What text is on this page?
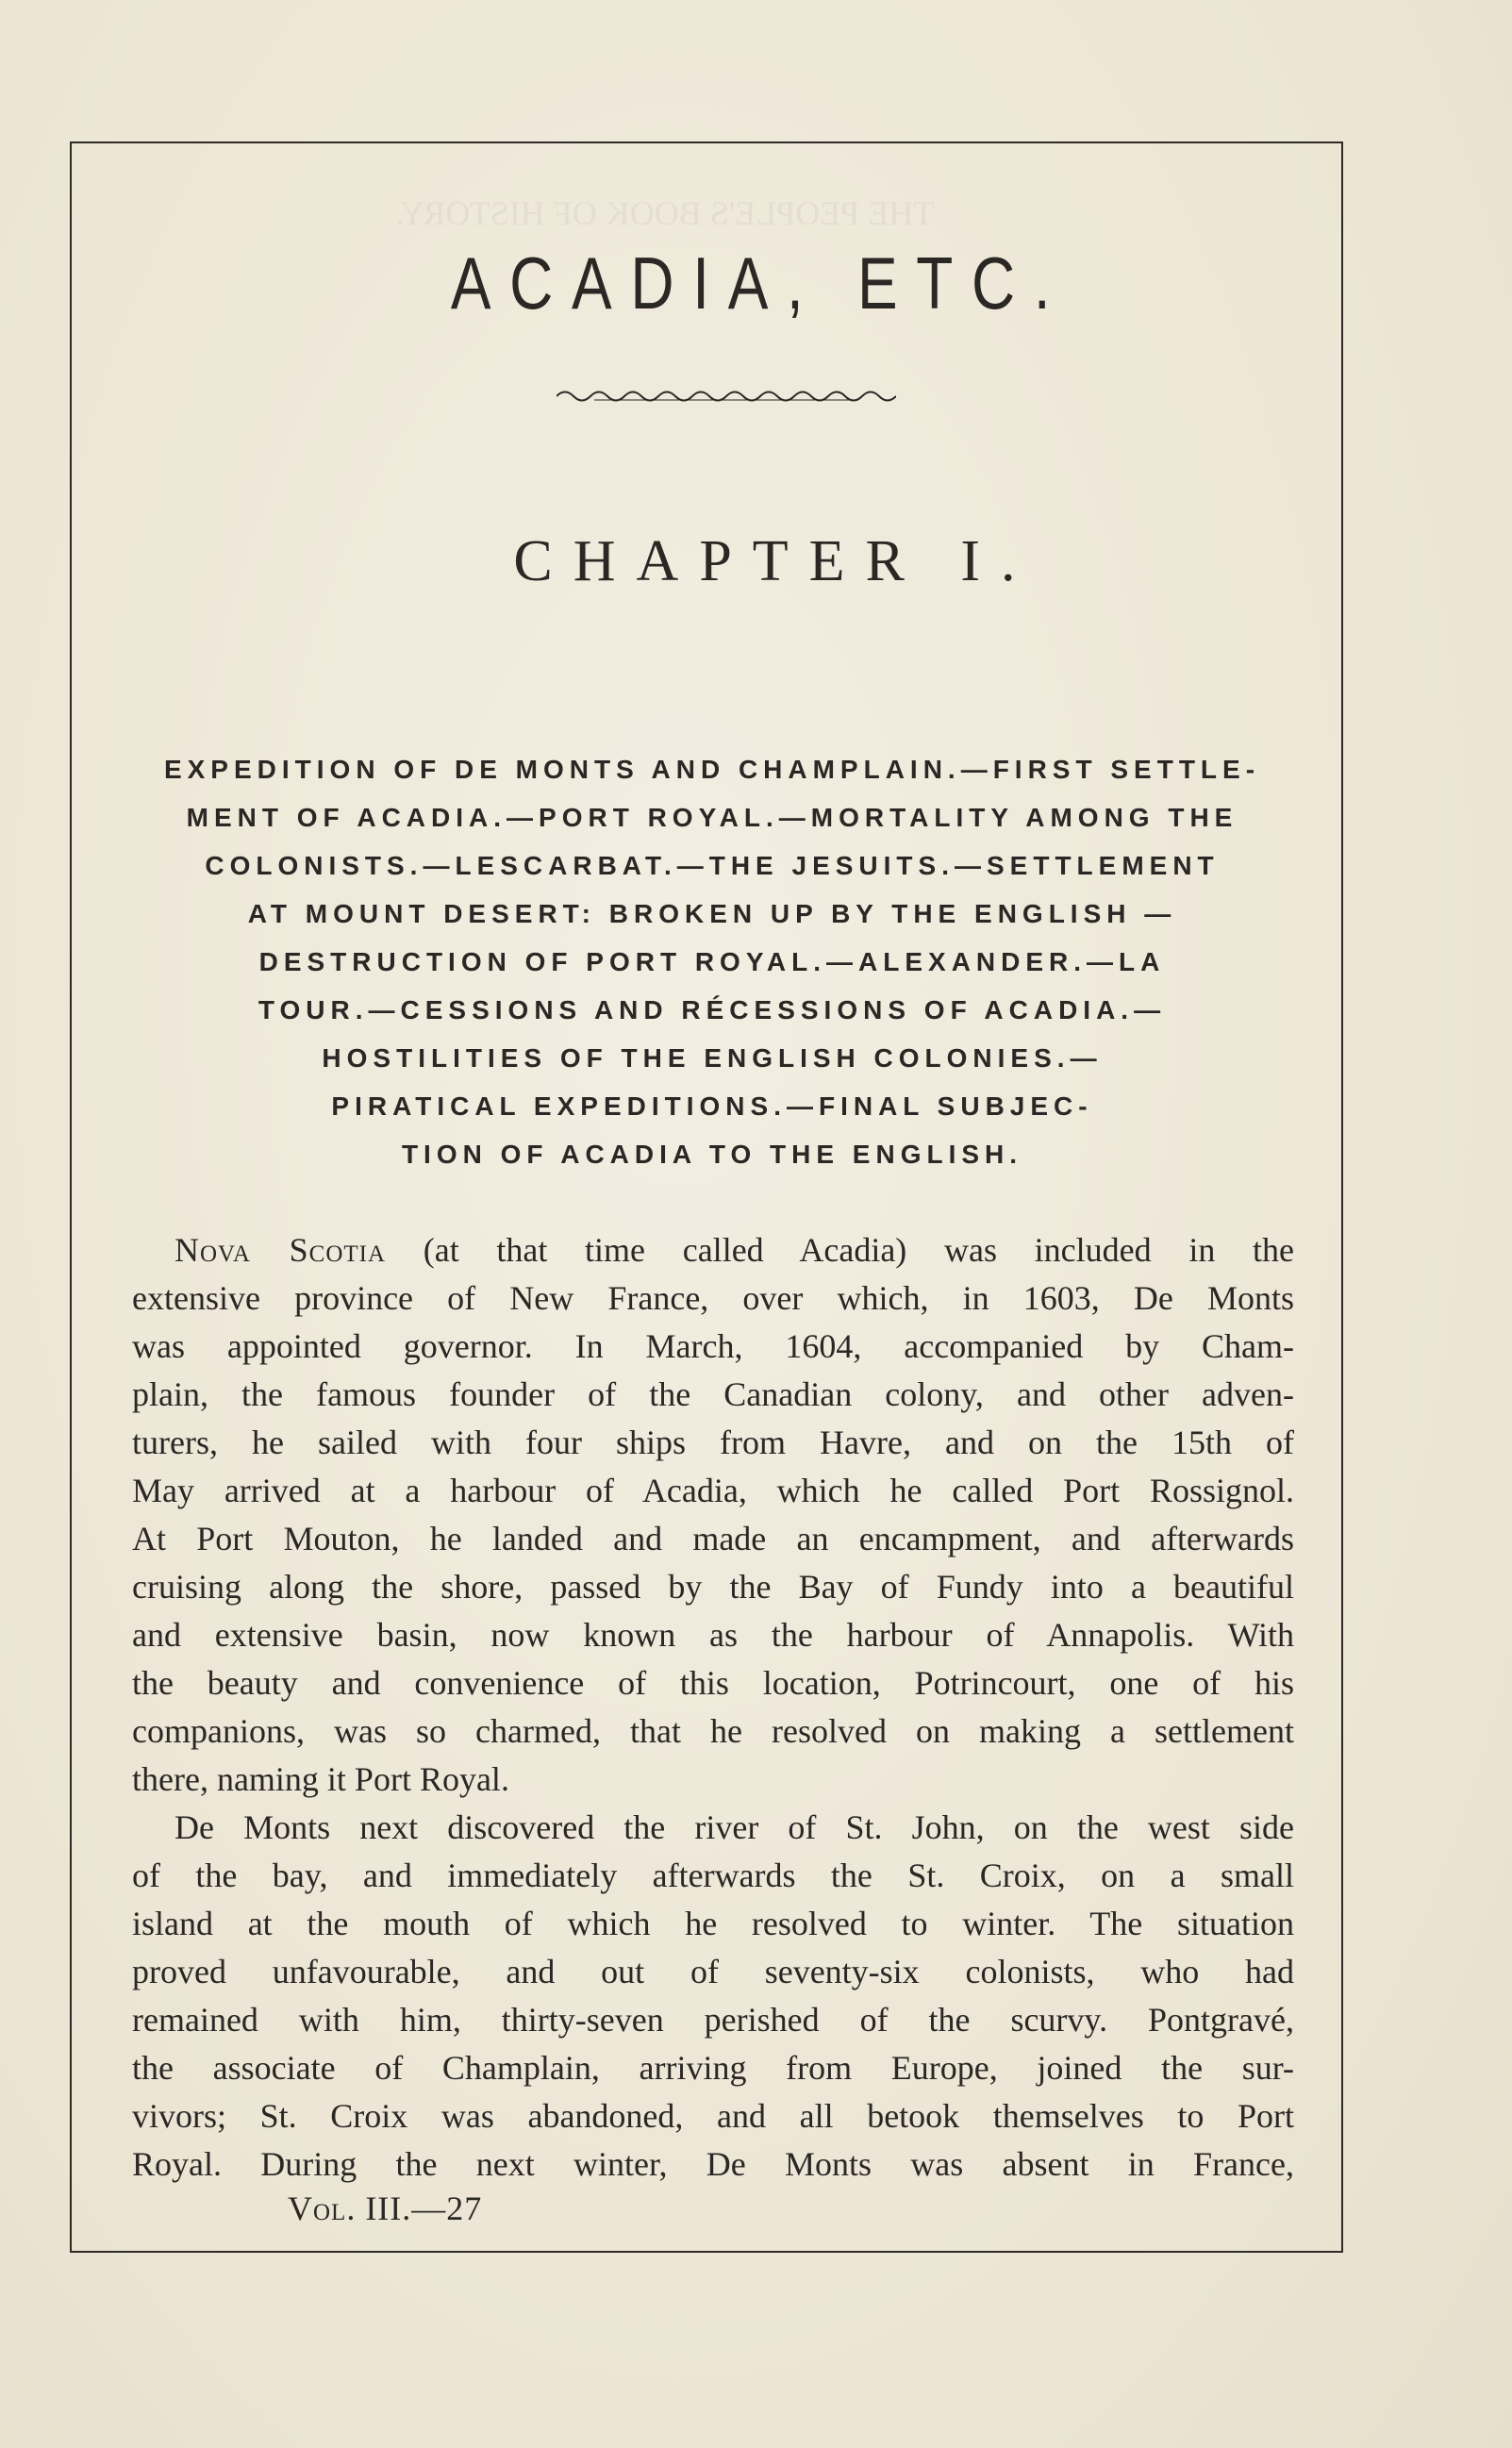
ACADIA, ETC.
CHAPTER I.
EXPEDITION OF DE MONTS AND CHAMPLAIN.—FIRST SETTLE-
MENT OF ACADIA.—PORT ROYAL.—MORTALITY AMONG THE
COLONISTS.—LESCARBAT.—THE JESUITS.—SETTLEMENT
AT MOUNT DESERT: BROKEN UP BY THE ENGLISH —
DESTRUCTION OF PORT ROYAL.—ALEXANDER.—LA
TOUR.—CESSIONS AND RÉCESSIONS OF ACADIA.—
HOSTILITIES OF THE ENGLISH COLONIES.—
PIRATICAL EXPEDITIONS.—FINAL SUBJEC-
TION OF ACADIA TO THE ENGLISH.
Nova Scotia (at that time called Acadia) was included in the
extensive province of New France, over which, in 1603, De Monts
was appointed governor. In March, 1604, accompanied by Cham-
plain, the famous founder of the Canadian colony, and other adven-
turers, he sailed with four ships from Havre, and on the 15th of
May arrived at a harbour of Acadia, which he called Port Rossignol.
At Port Mouton, he landed and made an encampment, and afterwards
cruising along the shore, passed by the Bay of Fundy into a beautiful
and extensive basin, now known as the harbour of Annapolis. With
the beauty and convenience of this location, Potrincourt, one of his
companions, was so charmed, that he resolved on making a settlement
there, naming it Port Royal.
De Monts next discovered the river of St. John, on the west side
of the bay, and immediately afterwards the St. Croix, on a small
island at the mouth of which he resolved to winter. The situation
proved unfavourable, and out of seventy-six colonists, who had
remained with him, thirty-seven perished of the scurvy. Pontgravé,
the associate of Champlain, arriving from Europe, joined the sur-
vivors; St. Croix was abandoned, and all betook themselves to Port
Royal. During the next winter, De Monts was absent in France,

Vol. III.—27
